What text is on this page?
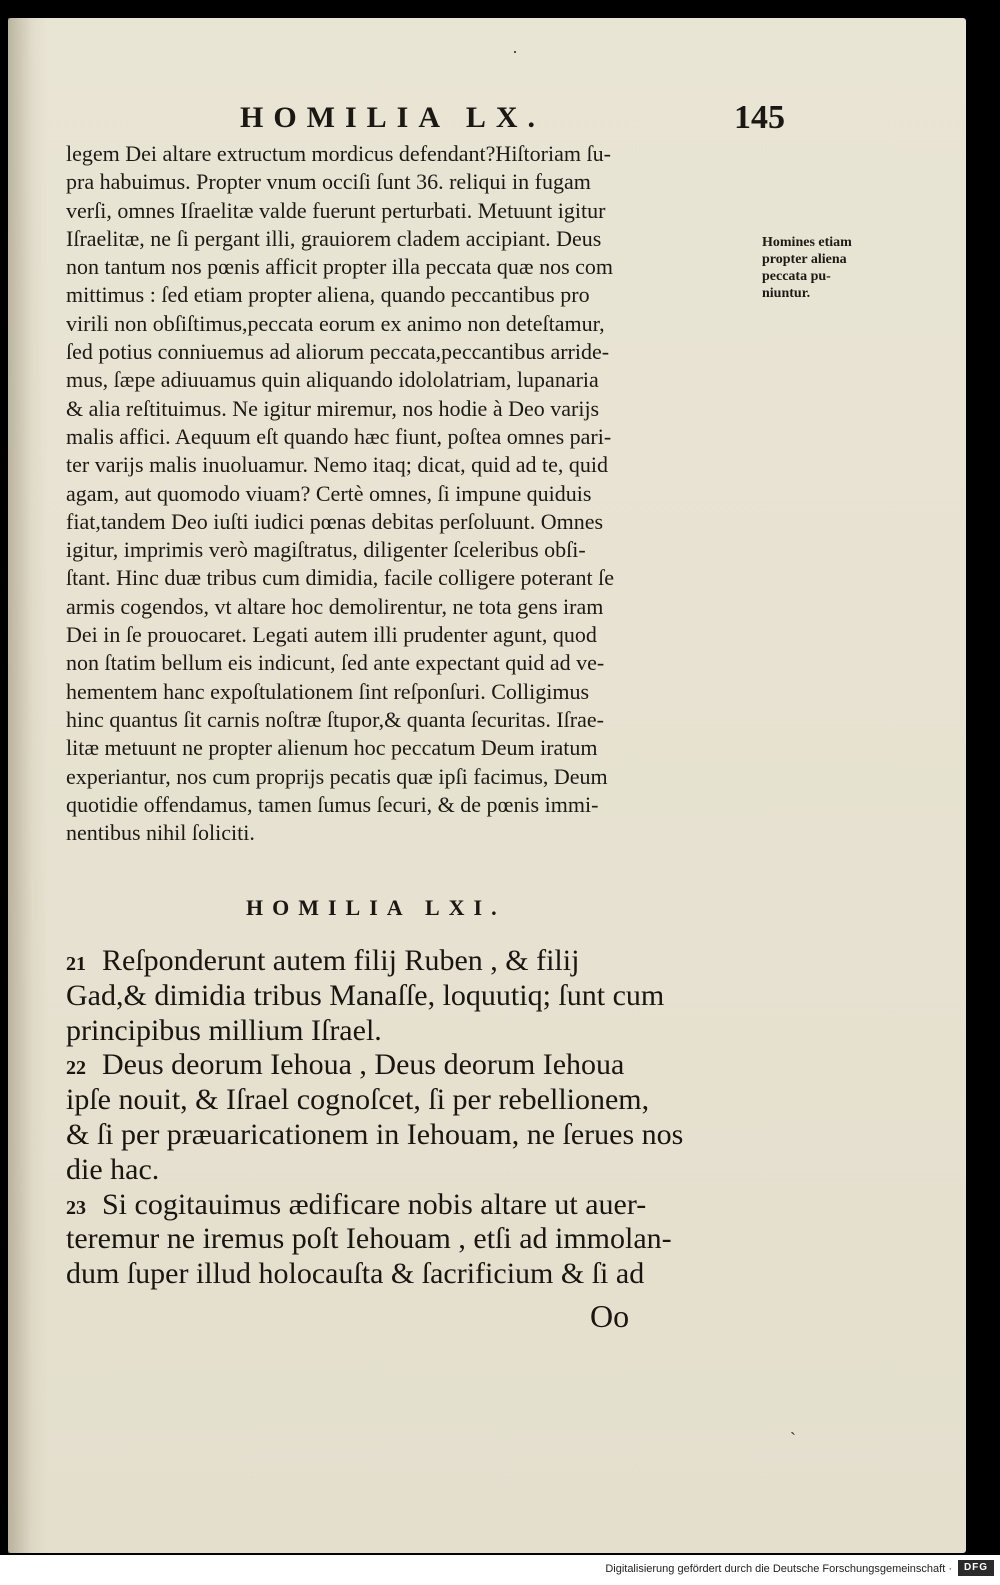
HOMILIA LX.	145
legem Dei altare extructum mordicus defendant?Hiſtoriam ſu-
pra habuimus. Propter vnum occiſi ſunt 36. reliqui in fugam
verſi, omnes Iſraelitæ valde fuerunt perturbati. Metuunt igitur
Iſraelitæ, ne ſi pergant illi, grauiorem cladem accipiant. Deus
non tantum nos pœnis afficit propter illa peccata quæ nos com
mittimus : ſed etiam propter aliena, quando peccantibus pro
virili non obſiſtimus,peccata eorum ex animo non deteſtamur,
ſed potius conniuemus ad aliorum peccata,peccantibus arride-
mus, ſæpe adiuuamus quin aliquando idololatriam, lupanaria
& alia reſtituimus. Ne igitur miremur, nos hodie à Deo varijs
malis affici. Aequum eſt quando hæc fiunt, poſtea omnes pari-
ter varijs malis inuoluamur. Nemo itaq; dicat, quid ad te, quid
agam, aut quomodo viuam? Certè omnes, ſi impune quiduis
fiat,tandem Deo iuſti iudici pœnas debitas perſoluunt. Omnes
igitur, imprimis verò magiſtratus, diligenter ſceleribus obſi-
ſtant. Hinc duæ tribus cum dimidia, facile colligere poterant ſe
armis cogendos, vt altare hoc demolirentur, ne tota gens iram
Dei in ſe prouocaret. Legati autem illi prudenter agunt, quod
non ſtatim bellum eis indicunt, ſed ante expectant quid ad ve-
hementem hanc expoſtulationem ſint reſponſuri. Colligimus
hinc quantus ſit carnis noſtræ ſtupor,& quanta ſecuritas. Iſrae-
litæ metuunt ne propter alienum hoc peccatum Deum iratum
experiantur, nos cum proprijs pecatis quæ ipſi facimus, Deum
quotidie offendamus, tamen ſumus ſecuri, & de pœnis immi-
nentibus nihil ſoliciti.
Homines etiam
propter aliena
peccata pu-
niuntur.
HOMILIA LXI.
21 Reſponderunt autem filij Ruben , & filij
Gad,& dimidia tribus Manaſſe, loquutiq; ſunt cum
principibus millium Iſrael.
22 Deus deorum Iehoua , Deus deorum Iehoua
ipſe nouit, & Iſrael cognoſcet, ſi per rebellionem,
& ſi per præuaricationem in Iehouam, ne ſerues nos
die hac.
23 Si cogitauimus ædificare nobis altare ut auer-
teremur ne iremus poſt Iehouam , etſi ad immolan-
dum ſuper illud holocauſta & ſacrificium & ſi ad
Oo
·
ˏ
Digitalisierung gefördert durch die Deutsche Forschungsgemeinschaft ·	DFG
